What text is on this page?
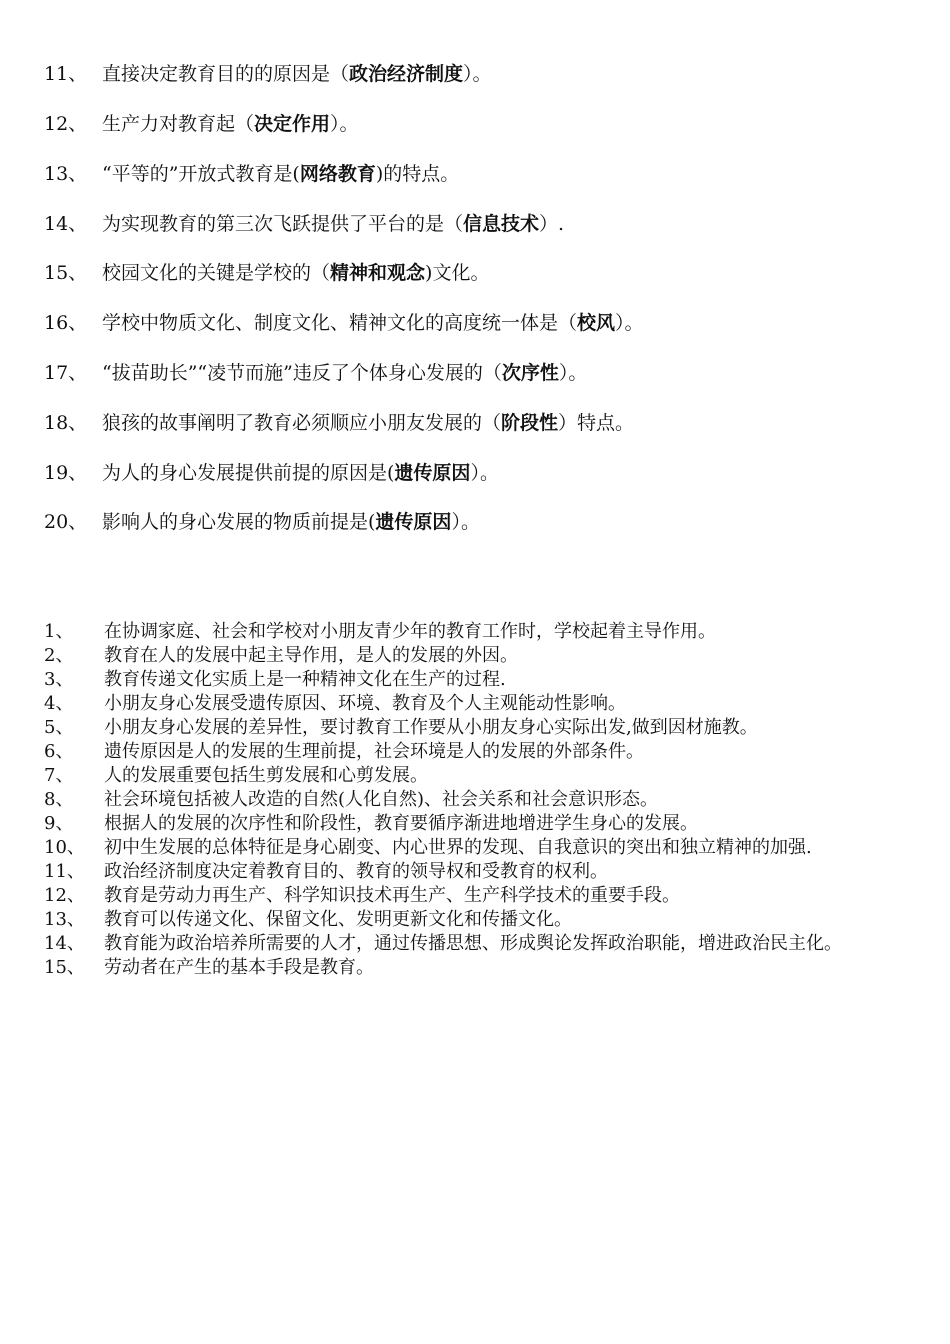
11、 直接决定教育目的的原因是（政治经济制度）。
12、 生产力对教育起（决定作用）。
13、 “平等的”开放式教育是(网络教育)的特点。
14、 为实现教育的第三次飞跃提供了平台的是（信息技术）.
15、 校园文化的关键是学校的（精神和观念)文化。
16、 学校中物质文化、制度文化、精神文化的高度统一体是（校风）。
17、 “拔苗助长”“凌节而施”违反了个体身心发展的（次序性）。
18、 狼孩的故事阐明了教育必须顺应小朋友发展的（阶段性）特点。
19、 为人的身心发展提供前提的原因是(遗传原因）。
20、 影响人的身心发展的物质前提是(遗传原因）。
1、	在协调家庭、社会和学校对小朋友青少年的教育工作时，学校起着主导作用。
2、	教育在人的发展中起主导作用，是人的发展的外因。
3、	教育传递文化实质上是一种精神文化在生产的过程.
4、	小朋友身心发展受遗传原因、环境、教育及个人主观能动性影响。
5、	小朋友身心发展的差异性，要讨教育工作要从小朋友身心实际出发,做到因材施教。
6、	遗传原因是人的发展的生理前提，社会环境是人的发展的外部条件。
7、	人的发展重要包括生剪发展和心剪发展。
8、	社会环境包括被人改造的自然(人化自然)、社会关系和社会意识形态。
9、	根据人的发展的次序性和阶段性，教育要循序渐进地增进学生身心的发展。
10、	初中生发展的总体特征是身心剧变、内心世界的发现、自我意识的突出和独立精神的加强.
11、	政治经济制度决定着教育目的、教育的领导权和受教育的权利。
12、	教育是劳动力再生产、科学知识技术再生产、生产科学技术的重要手段。
13、	教育可以传递文化、保留文化、发明更新文化和传播文化。
14、	教育能为政治培养所需要的人才，通过传播思想、形成舆论发挥政治职能，增进政治民主化。
15、	劳动者在产生的基本手段是教育。
